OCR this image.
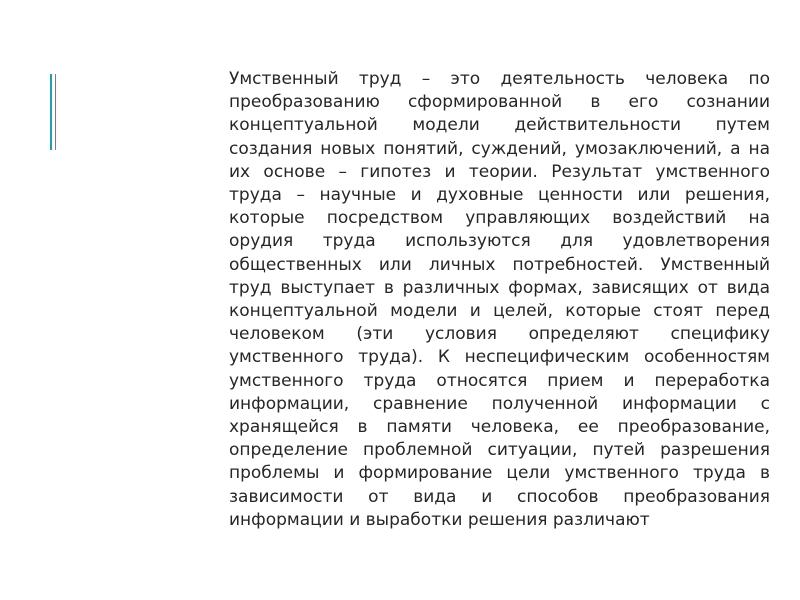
Умственный труд – это деятельность человека по преобразованию сформированной в его сознании концептуальной модели действительности путем создания новых понятий, суждений, умозаключений, а на их основе – гипотез и теории. Результат умственного труда – научные и духовные ценности или решения, которые посредством управляющих воздействий на орудия труда используются для удовлетворения общественных или личных потребностей. Умственный труд выступает в различных формах, зависящих от вида концептуальной модели и целей, которые стоят перед человеком (эти условия определяют специфику умственного труда). К неспецифическим особенностям умственного труда относятся прием и переработка информации, сравнение полученной информации с хранящейся в памяти человека, ее преобразование, определение проблемной ситуации, путей разрешения проблемы и формирование цели умственного труда в зависимости от вида и способов преобразования информации и выработки решения различают
